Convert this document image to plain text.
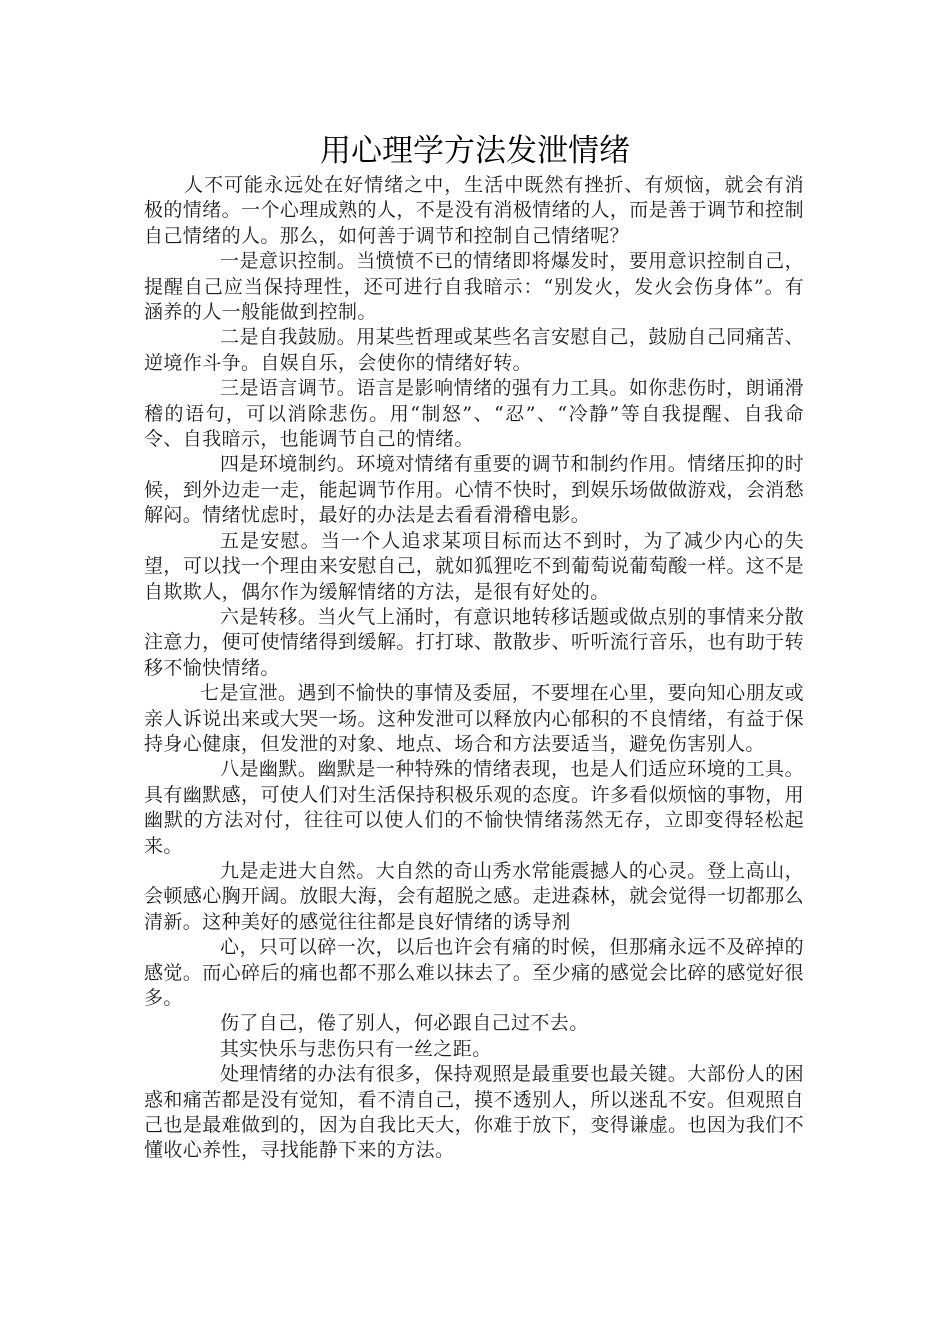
用心理学方法发泄情绪

人不可能永远处在好情绪之中，生活中既然有挫折、有烦恼，就会有消极的情绪。一个心理成熟的人，不是没有消极情绪的人，而是善于调节和控制自己情绪的人。那么，如何善于调节和控制自己情绪呢？

一是意识控制。当愤愤不已的情绪即将爆发时，要用意识控制自己，提醒自己应当保持理性，还可进行自我暗示：“别发火，发火会伤身体”。有涵养的人一般能做到控制。

二是自我鼓励。用某些哲理或某些名言安慰自己，鼓励自己同痛苦、逆境作斗争。自娱自乐，会使你的情绪好转。

三是语言调节。语言是影响情绪的强有力工具。如你悲伤时，朗诵滑稽的语句，可以消除悲伤。用“制怒”、“忍”、“冷静”等自我提醒、自我命令、自我暗示，也能调节自己的情绪。

四是环境制约。环境对情绪有重要的调节和制约作用。情绪压抑的时候，到外边走一走，能起调节作用。心情不快时，到娱乐场做做游戏，会消愁解闷。情绪忧虑时，最好的办法是去看看滑稽电影。

五是安慰。当一个人追求某项目标而达不到时，为了减少内心的失望，可以找一个理由来安慰自己，就如狐狸吃不到葡萄说葡萄酸一样。这不是自欺欺人，偶尔作为缓解情绪的方法，是很有好处的。

六是转移。当火气上涌时，有意识地转移话题或做点别的事情来分散注意力，便可使情绪得到缓解。打打球、散散步、听听流行音乐，也有助于转移不愉快情绪。

七是宣泄。遇到不愉快的事情及委屈，不要埋在心里，要向知心朋友或亲人诉说出来或大哭一场。这种发泄可以释放内心郁积的不良情绪，有益于保持身心健康，但发泄的对象、地点、场合和方法要适当，避免伤害别人。

八是幽默。幽默是一种特殊的情绪表现，也是人们适应环境的工具。具有幽默感，可使人们对生活保持积极乐观的态度。许多看似烦恼的事物，用幽默的方法对付，往往可以使人们的不愉快情绪荡然无存，立即变得轻松起来。

九是走进大自然。大自然的奇山秀水常能震撼人的心灵。登上高山，会顿感心胸开阔。放眼大海，会有超脱之感。走进森林，就会觉得一切都那么清新。这种美好的感觉往往都是良好情绪的诱导剂

心，只可以碎一次，以后也许会有痛的时候，但那痛永远不及碎掉的感觉。而心碎后的痛也都不那么难以抹去了。至少痛的感觉会比碎的感觉好很多。

伤了自己，倦了别人，何必跟自己过不去。

其实快乐与悲伤只有一丝之距。

处理情绪的办法有很多，保持观照是最重要也最关键。大部份人的困惑和痛苦都是没有觉知，看不清自己，摸不透别人，所以迷乱不安。但观照自己也是最难做到的，因为自我比天大，你难于放下，变得谦虚。也因为我们不懂收心养性，寻找能静下来的方法。
